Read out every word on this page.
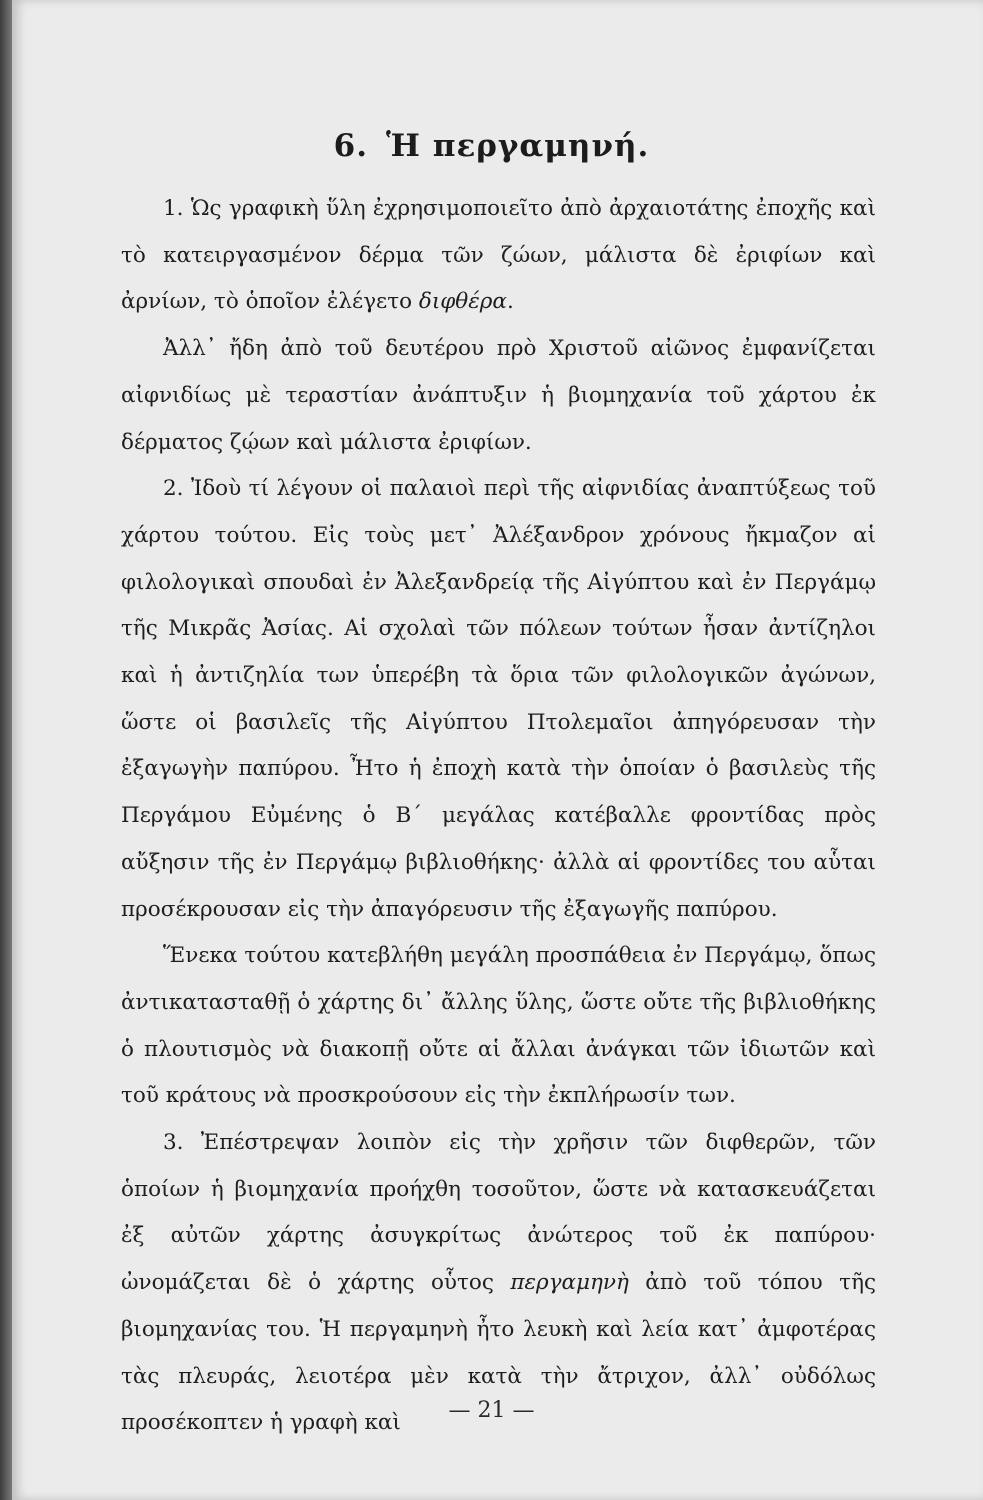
6. Ἡ περγαμηνή.

1. Ὡς γραφικὴ ὕλη ἐχρησιμοποιεῖτο ἀπὸ ἀρχαιοτάτης ἐποχῆς καὶ τὸ κατειργασμένον δέρμα τῶν ζώων, μάλιστα δὲ ἐριφίων καὶ ἀρνίων, τὸ ὁποῖον ἐλέγετο διφθέρα.

Ἀλλ᾽ ἤδη ἀπὸ τοῦ δευτέρου πρὸ Χριστοῦ αἰῶνος ἐμφανίζεται αἰφνιδίως μὲ τεραστίαν ἀνάπτυξιν ἡ βιομηχανία τοῦ χάρτου ἐκ δέρματος ζῴων καὶ μάλιστα ἐριφίων.

2. Ἰδοὺ τί λέγουν οἱ παλαιοὶ περὶ τῆς αἰφνιδίας ἀναπτύξεως τοῦ χάρτου τούτου. Εἰς τοὺς μετ᾽ Ἀλέξανδρον χρόνους ἤκμαζον αἱ φιλολογικαὶ σπουδαὶ ἐν Ἀλεξανδρείᾳ τῆς Αἰγύπτου καὶ ἐν Περγάμῳ τῆς Μικρᾶς Ἀσίας. Αἱ σχολαὶ τῶν πόλεων τούτων ἦσαν ἀντίζηλοι καὶ ἡ ἀντιζηλία των ὑπερέβη τὰ ὅρια τῶν φιλολογικῶν ἀγώνων, ὥστε οἱ βασιλεῖς τῆς Αἰγύπτου Πτολεμαῖοι ἀπηγόρευσαν τὴν ἐξαγωγὴν παπύρου. Ἦτο ἡ ἐποχὴ κατὰ τὴν ὁποίαν ὁ βασιλεὺς τῆς Περγάμου Εὐμένης ὁ Β´ μεγάλας κατέβαλλε φροντίδας πρὸς αὔξησιν τῆς ἐν Περγάμῳ βιβλιοθήκης· ἀλλὰ αἱ φροντίδες του αὗται προσέκρουσαν εἰς τὴν ἀπαγόρευσιν τῆς ἐξαγωγῆς παπύρου.

Ἕνεκα τούτου κατεβλήθη μεγάλη προσπάθεια ἐν Περγάμῳ, ὅπως ἀντικατασταθῇ ὁ χάρτης δι᾽ ἄλλης ὕλης, ὥστε οὔτε τῆς βιβλιοθήκης ὁ πλουτισμὸς νὰ διακοπῇ οὔτε αἱ ἄλλαι ἀνάγκαι τῶν ἰδιωτῶν καὶ τοῦ κράτους νὰ προσκρούσουν εἰς τὴν ἐκπλήρωσίν των.

3. Ἐπέστρεψαν λοιπὸν εἰς τὴν χρῆσιν τῶν διφθερῶν, τῶν ὁποίων ἡ βιομηχανία προήχθη τοσοῦτον, ὥστε νὰ κατασκευάζεται ἐξ αὐτῶν χάρτης ἀσυγκρίτως ἀνώτερος τοῦ ἐκ παπύρου· ὠνομάζεται δὲ ὁ χάρτης οὗτος περγαμηνὴ ἀπὸ τοῦ τόπου τῆς βιομηχανίας του. Ἡ περγαμηνὴ ἦτο λευκὴ καὶ λεία κατ᾽ ἀμφοτέρας τὰς πλευράς, λειοτέρα μὲν κατὰ τὴν ἄτριχον, ἀλλ᾽ οὐδόλως προσέκοπτεν ἡ γραφὴ καὶ	— 21 —
